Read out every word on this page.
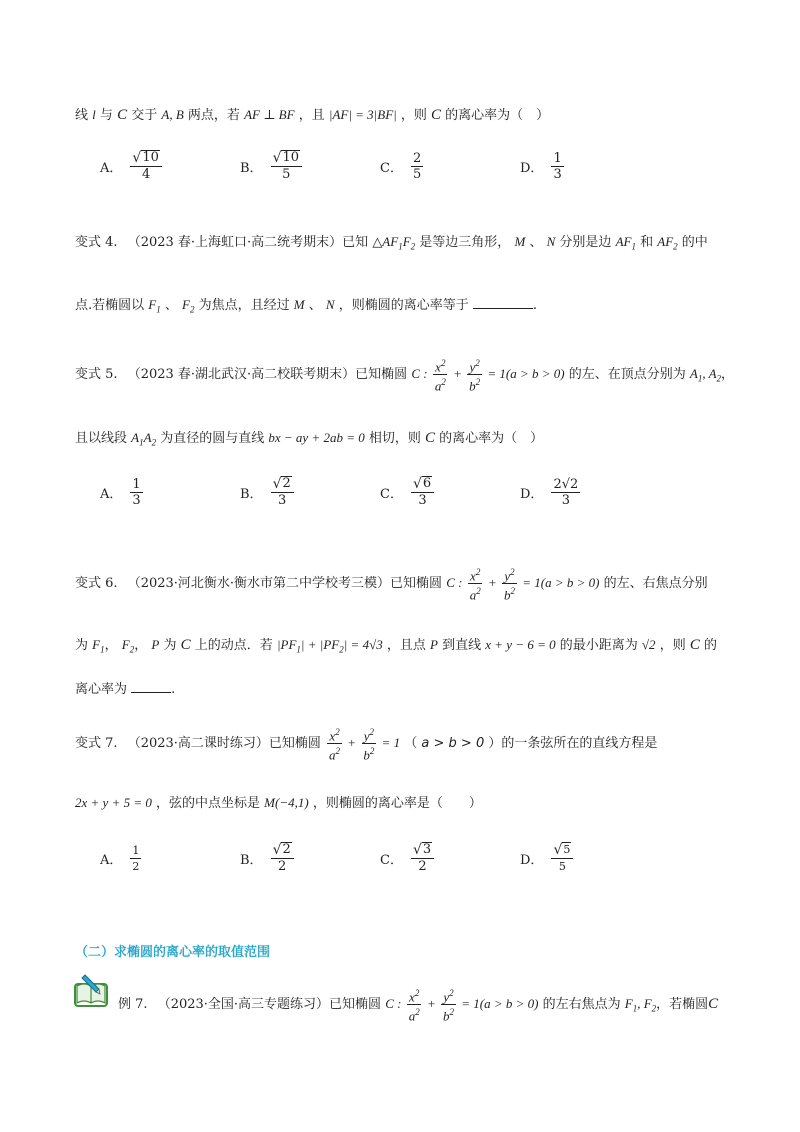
线 l 与 C 交于 A, B 两点，若 AF ⊥ BF ，且 |AF| = 3|BF| ，则 C 的离心率为（　）
A． $\frac{√ 10}{4}$	B． $\frac{√ 10}{5}$	C． $\frac{2}{5}$	D． $\frac{1}{3}$
变式 4. （2023 春·上海虹口·高二统考期末）已知 $\triangle AF_1F_2$ 是等边三角形， M 、 N 分别是边 $AF_1$ 和 $AF_2$ 的中
点.若椭圆以 $F_1$ 、 $F_2$ 为焦点，且经过 M 、 N ，则椭圆的离心率等于	.
变式 5. （2023 春·湖北武汉·高二校联考期末）已知椭圆 C : $\frac{x^2}{a^2} + \frac{y^2}{b^2} = 1(a > b > 0)$ 的左、在顶点分别为 $A_1$, $A_2$，
且以线段 $A_1A_2$ 为直径的圆与直线 bx − ay + 2ab = 0 相切，则 C 的离心率为（　）
A． $\frac{1}{3}$	B． $\frac{√ 2}{3}$	C． $\frac{√ 6}{3}$	D． $\frac{2√2}{3}$
变式 6. （2023·河北衡水·衡水市第二中学校考三模）已知椭圆 C : $\frac{x^2}{a^2} + \frac{y^2}{b^2} = 1(a > b > 0)$ 的左、右焦点分别
为 $F_1$， $F_2$， P 为 C 上的动点．若 $|PF_1| + |PF_2| = 4√3$ ，且点 P 到直线 x + y − 6 = 0 的最小距离为 √2 ，则 C 的
离心率为	.
变式 7. （2023·高二课时练习）已知椭圆 $\frac{x^2}{a^2} + \frac{y^2}{b^2} = 1$ （ a > b > 0 ）的一条弦所在的直线方程是
2x + y + 5 = 0 ，弦的中点坐标是 M(−4,1) ，则椭圆的离心率是（　　）
A． $\frac{1}{2}$	B． $\frac{√ 2}{2}$	C． $\frac{√ 3}{2}$	D． $\frac{√ 5}{5}$
（二）求椭圆的离心率的取值范围
例 7. （2023·全国·高三专题练习）已知椭圆 C : $\frac{x^2}{a^2} + \frac{y^2}{b^2} = 1(a > b > 0)$ 的左右焦点为 $F_1$, $F_2$，若椭圆C
